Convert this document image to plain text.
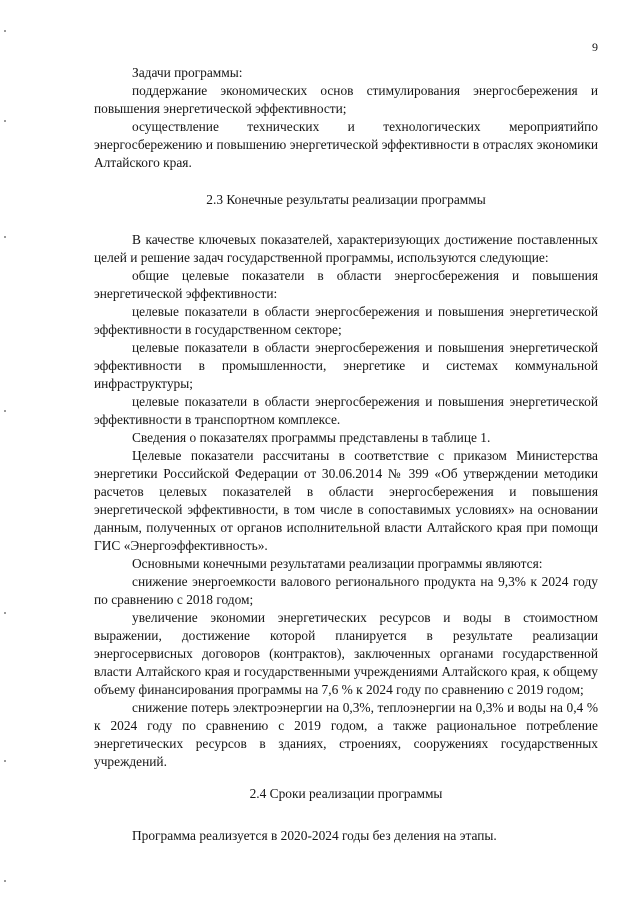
9

Задачи программы:

поддержание экономических основ стимулирования энергосбережения и повышения энергетической эффективности;

осуществление технических и технологических мероприятийпо энергосбережению и повышению энергетической эффективности в отраслях экономики Алтайского края.

2.3 Конечные результаты реализации программы

В качестве ключевых показателей, характеризующих достижение поставленных целей и решение задач государственной программы, используются следующие:

общие целевые показатели в области энергосбережения и повышения энергетической эффективности:

целевые показатели в области энергосбережения и повышения энергетической эффективности в государственном секторе;

целевые показатели в области энергосбережения и повышения энергетической эффективности в промышленности, энергетике и системах коммунальной инфраструктуры;

целевые показатели в области энергосбережения и повышения энергетической эффективности в транспортном комплексе.

Сведения о показателях программы представлены в таблице 1.

Целевые показатели рассчитаны в соответствие с приказом Министерства энергетики Российской Федерации от 30.06.2014 № 399 «Об утверждении методики расчетов целевых показателей в области энергосбережения и повышения энергетической эффективности, в том числе в сопоставимых условиях» на основании данным, полученных от органов исполнительной власти Алтайского края при помощи ГИС «Энергоэффективность».

Основными конечными результатами реализации программы являются:

снижение энергоемкости валового регионального продукта на 9,3% к 2024 году по сравнению с 2018 годом;

увеличение экономии энергетических ресурсов и воды в стоимостном выражении, достижение которой планируется в результате реализации энергосервисных договоров (контрактов), заключенных органами государственной власти Алтайского края и государственными учреждениями Алтайского края, к общему объему финансирования программы на 7,6 % к 2024 году по сравнению с 2019 годом;

снижение потерь электроэнергии на 0,3%, теплоэнергии на 0,3% и воды на 0,4 % к 2024 году по сравнению с 2019 годом, а также рациональное потребление энергетических ресурсов в зданиях, строениях, сооружениях государственных учреждений.

2.4 Сроки реализации программы

Программа реализуется в 2020-2024 годы без деления на этапы.
